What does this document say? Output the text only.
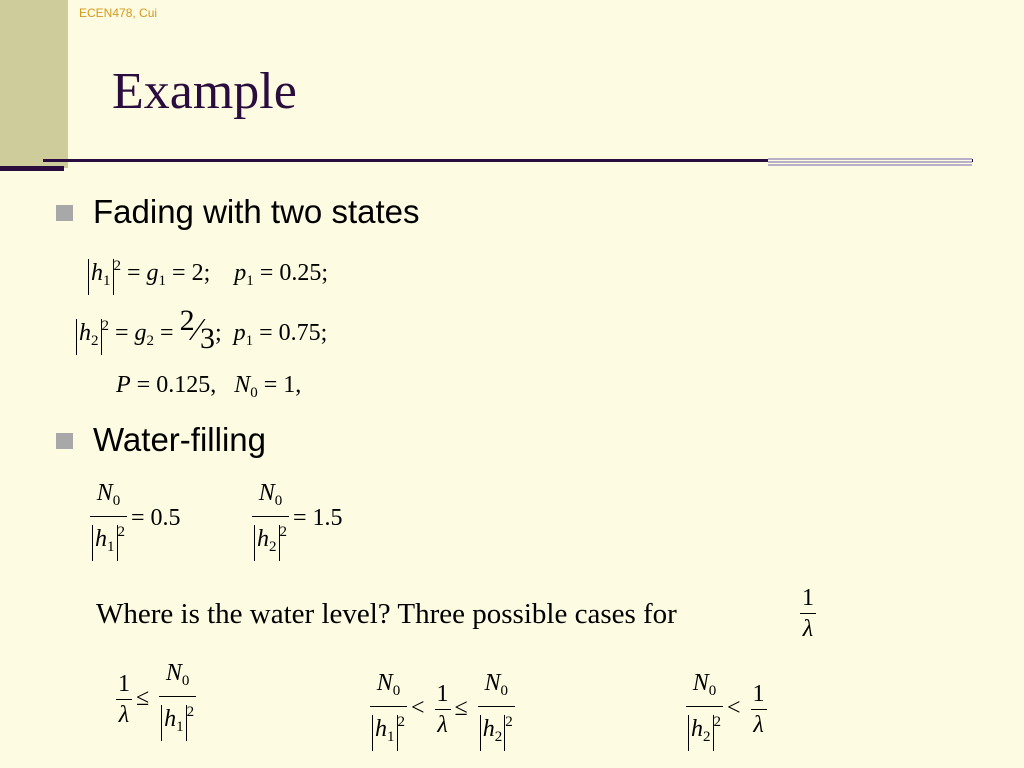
ECEN478, Cui
Example
Fading with two states
$h_1^2 = g_1 = 2$;    $p_1 = 0.25$;
$h_2^2 = g_2$ = 2⁄3;  $p_1 = 0.75$;
P = 0.125,   $N_0 = 1$,
Water-filling
$\frac{N_0}{h_1^2} = 0.5$	$\frac{N_0}{h_2^2} = 1.5$
Where is the water level? Three possible cases for	$\frac{1}{\lambda}$
$\frac{1}{\lambda} \le \frac{N_0}{h_1^2}$	$\frac{N_0}{h_1^2} < \frac{1}{\lambda} \le \frac{N_0}{h_2^2}$	$\frac{N_0}{h_2^2} < \frac{1}{\lambda}$
